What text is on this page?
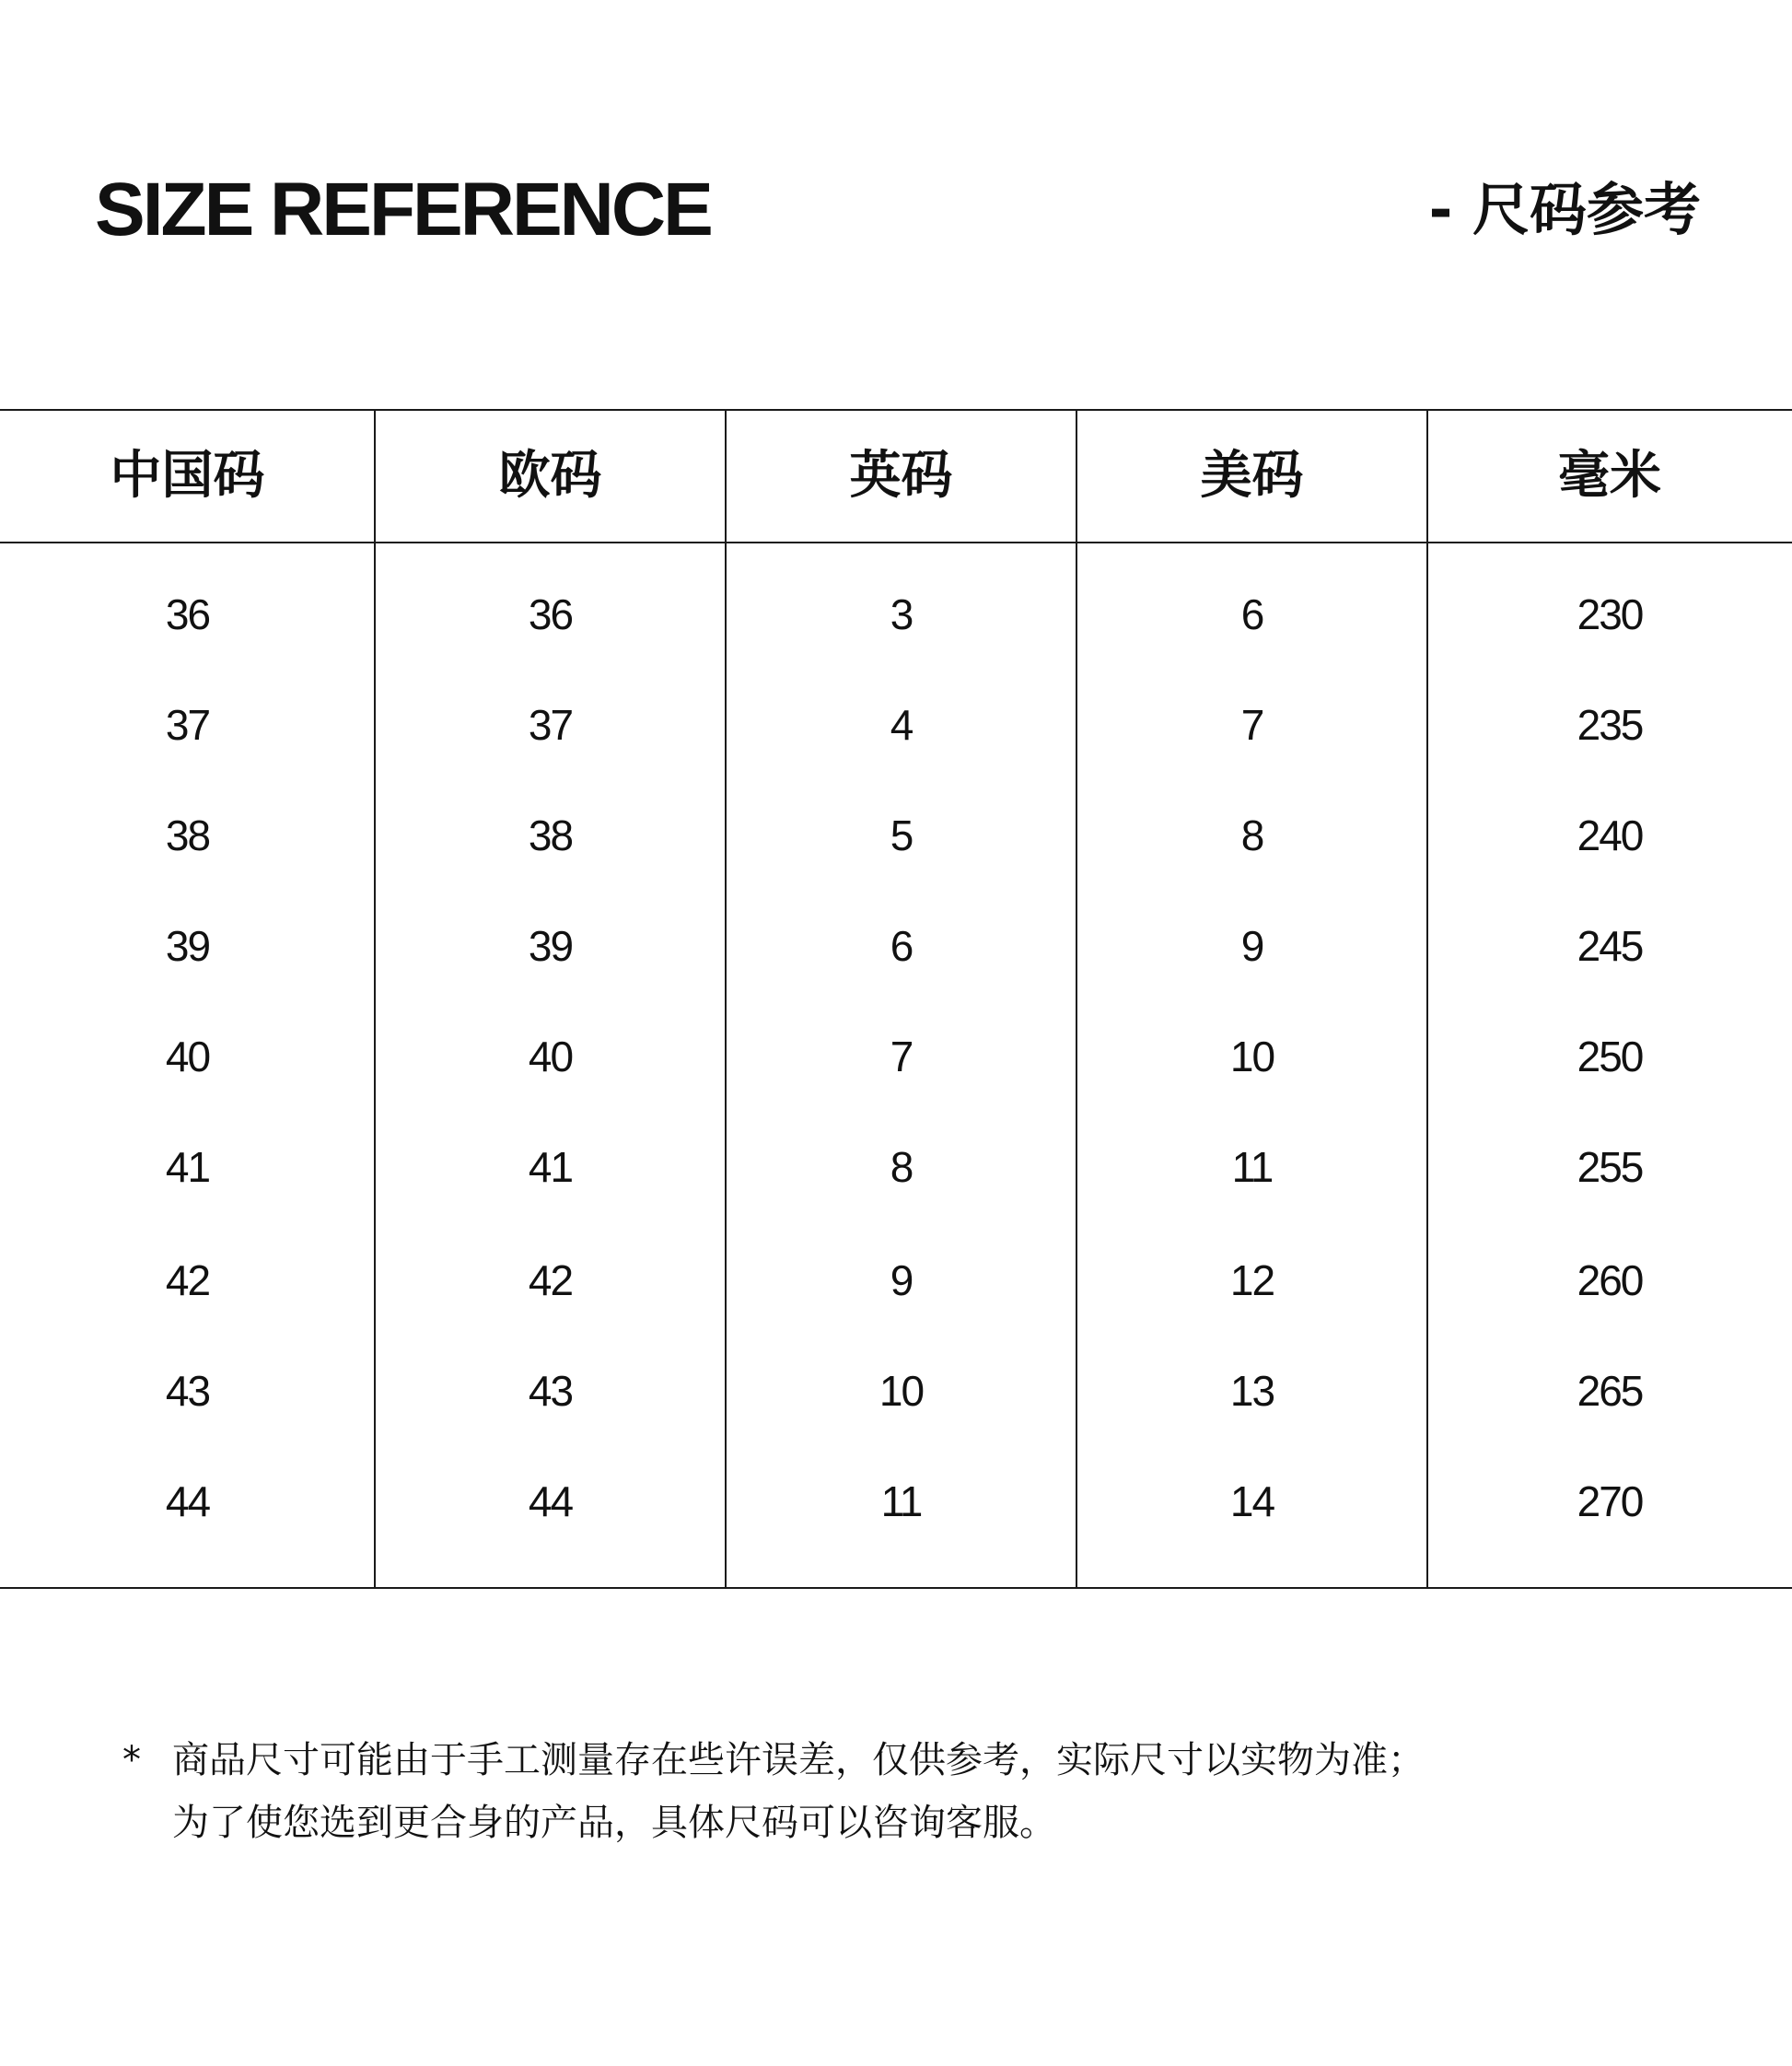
SIZE REFERENCE	- 尺码参考
中国码	欧码	英码	美码	毫米
36	36	3	6	230
37	37	4	7	235
38	38	5	8	240
39	39	6	9	245
40	40	7	10	250
41	41	8	11	255
42	42	9	12	260
43	43	10	13	265
44	44	11	14	270
* 商品尺寸可能由于手工测量存在些许误差，仅供参考，实际尺寸以实物为准；
为了使您选到更合身的产品，具体尺码可以咨询客服。
